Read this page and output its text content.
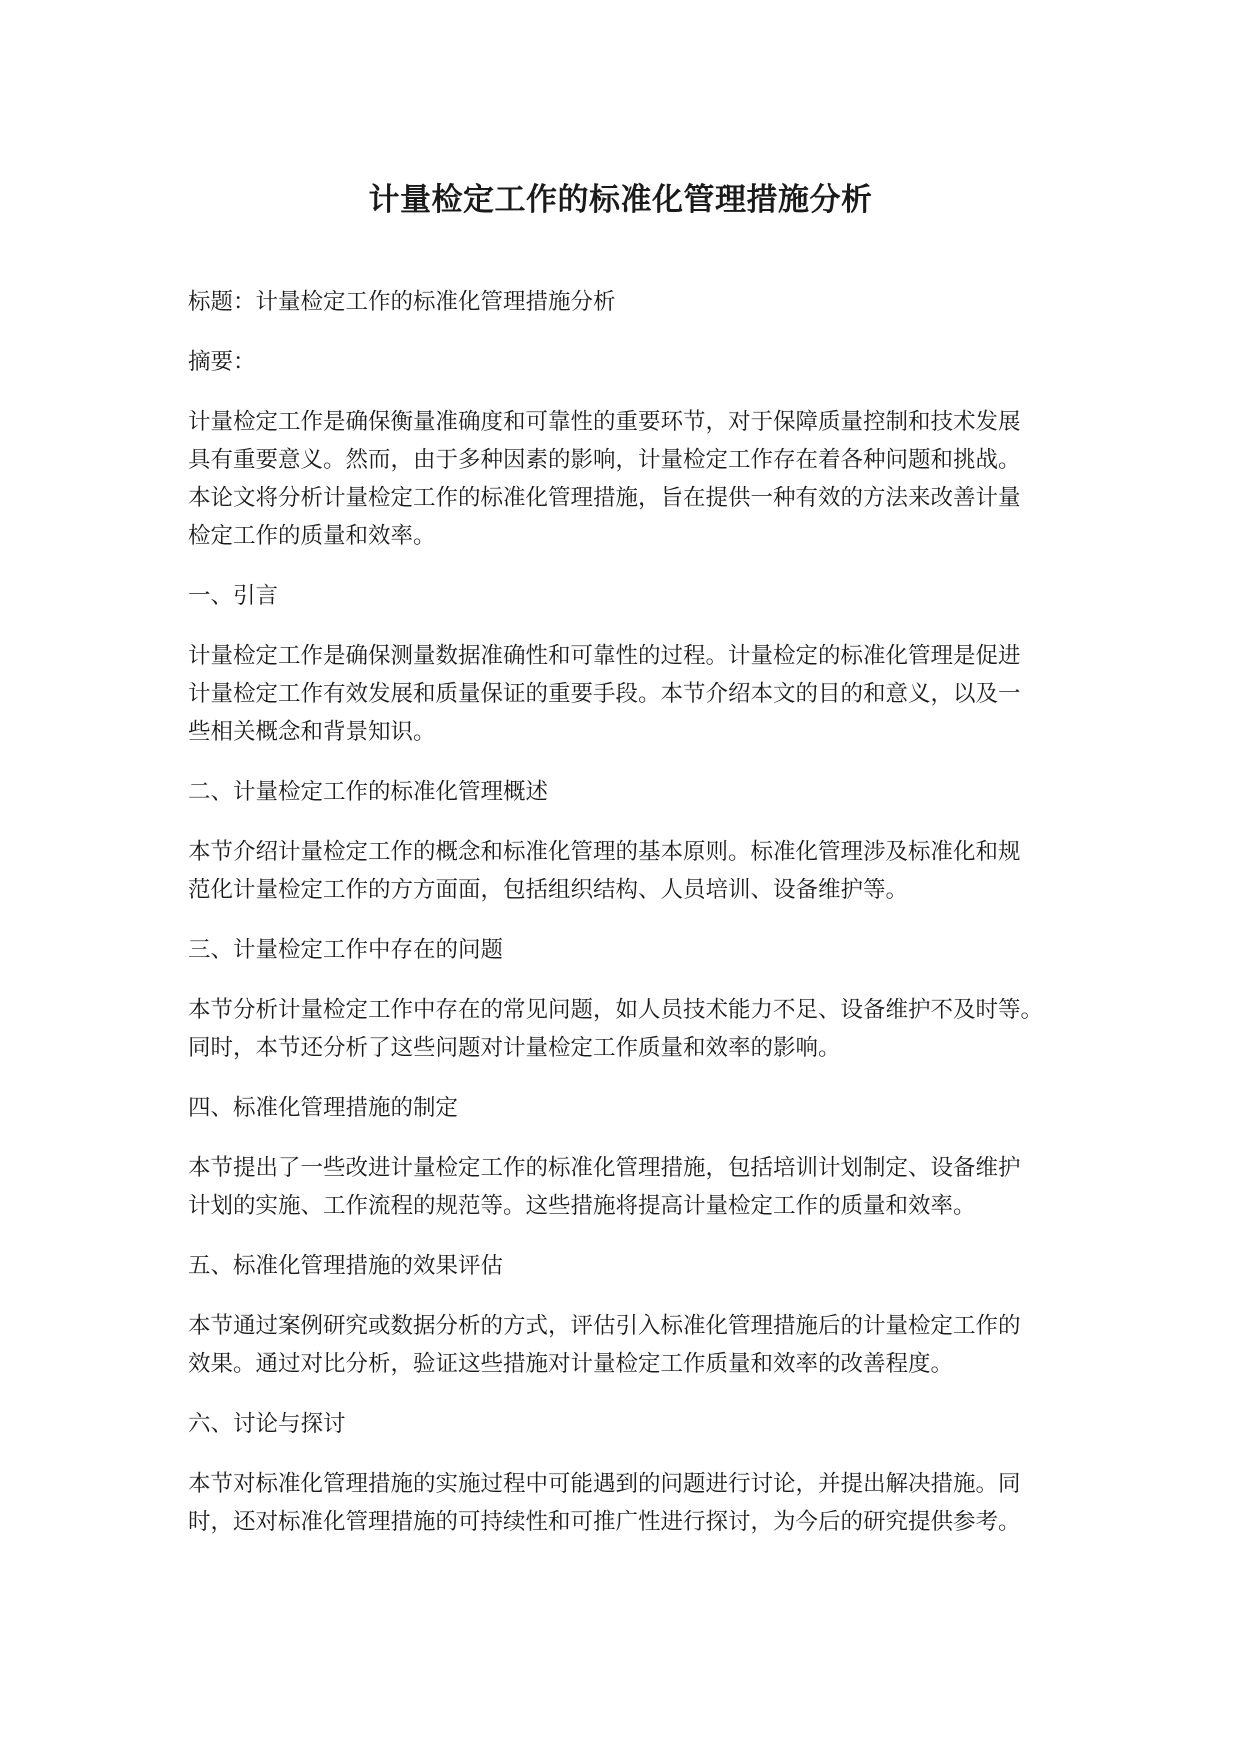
计量检定工作的标准化管理措施分析
标题：计量检定工作的标准化管理措施分析
摘要：
计量检定工作是确保衡量准确度和可靠性的重要环节，对于保障质量控制和技术发展
具有重要意义。然而，由于多种因素的影响，计量检定工作存在着各种问题和挑战。
本论文将分析计量检定工作的标准化管理措施，旨在提供一种有效的方法来改善计量
检定工作的质量和效率。
一、引言
计量检定工作是确保测量数据准确性和可靠性的过程。计量检定的标准化管理是促进
计量检定工作有效发展和质量保证的重要手段。本节介绍本文的目的和意义，以及一
些相关概念和背景知识。
二、计量检定工作的标准化管理概述
本节介绍计量检定工作的概念和标准化管理的基本原则。标准化管理涉及标准化和规
范化计量检定工作的方方面面，包括组织结构、人员培训、设备维护等。
三、计量检定工作中存在的问题
本节分析计量检定工作中存在的常见问题，如人员技术能力不足、设备维护不及时等。
同时，本节还分析了这些问题对计量检定工作质量和效率的影响。
四、标准化管理措施的制定
本节提出了一些改进计量检定工作的标准化管理措施，包括培训计划制定、设备维护
计划的实施、工作流程的规范等。这些措施将提高计量检定工作的质量和效率。
五、标准化管理措施的效果评估
本节通过案例研究或数据分析的方式，评估引入标准化管理措施后的计量检定工作的
效果。通过对比分析，验证这些措施对计量检定工作质量和效率的改善程度。
六、讨论与探讨
本节对标准化管理措施的实施过程中可能遇到的问题进行讨论，并提出解决措施。同
时，还对标准化管理措施的可持续性和可推广性进行探讨，为今后的研究提供参考。
